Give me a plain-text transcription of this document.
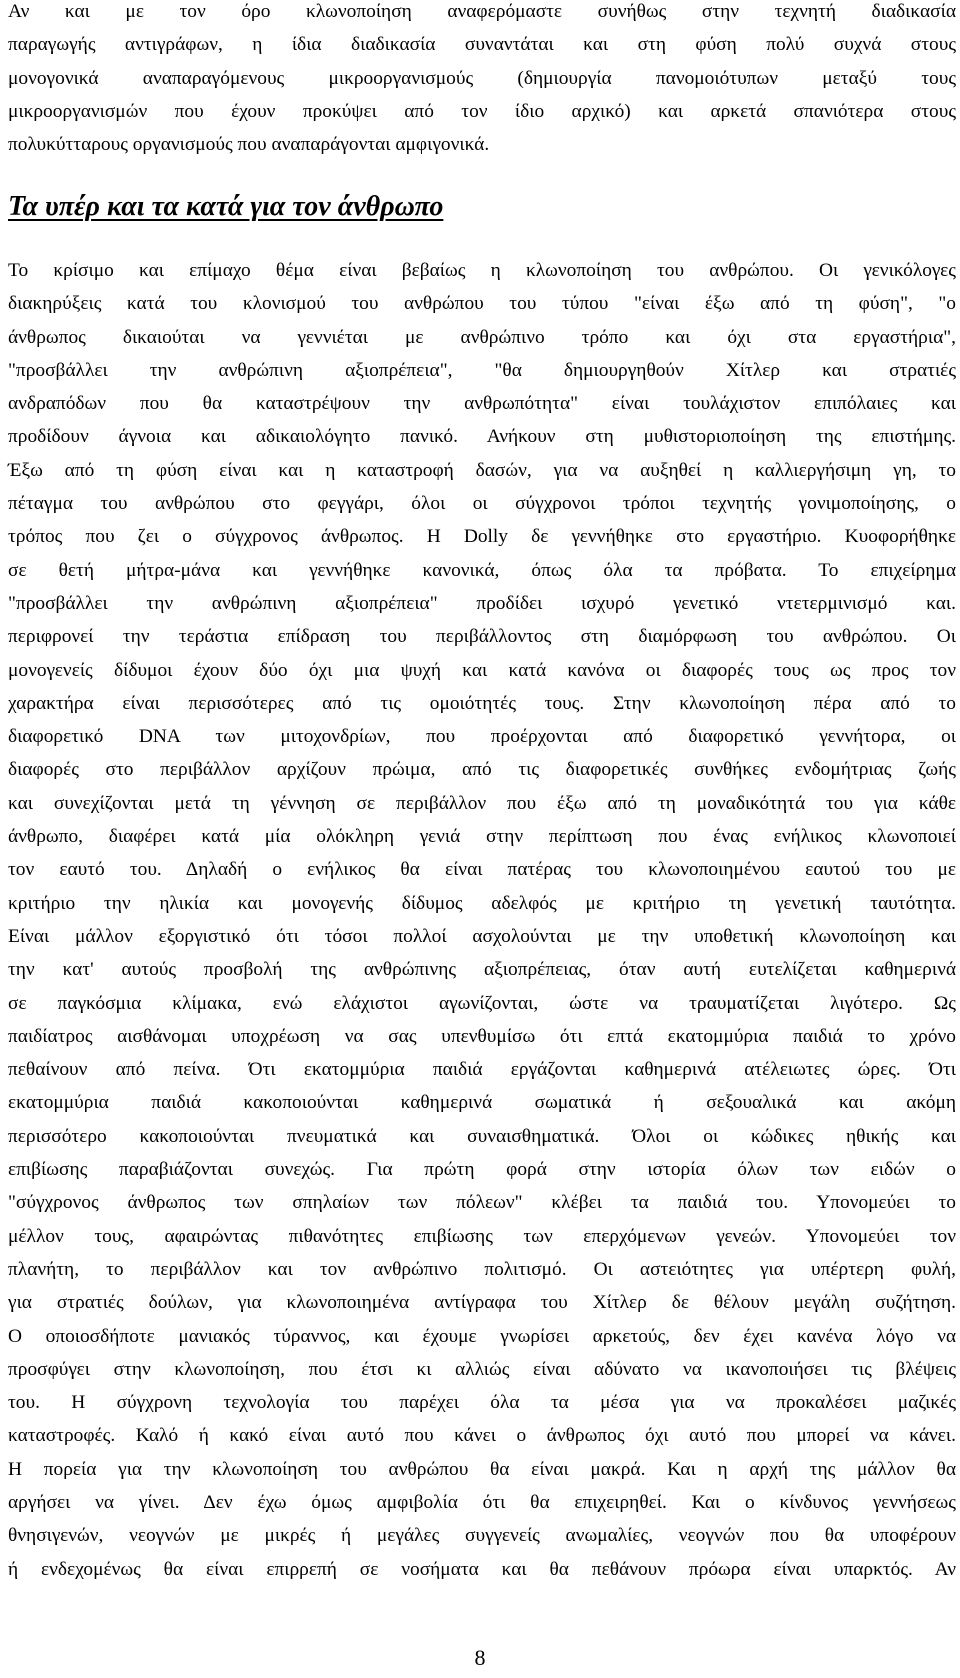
Αν και με τον όρο κλωνοποίηση αναφερόμαστε συνήθως στην τεχνητή διαδικασία
παραγωγής αντιγράφων, η ίδια διαδικασία συναντάται και στη φύση πολύ συχνά στους
μονογονικά αναπαραγόμενους μικροοργανισμούς (δημιουργία πανομοιότυπων μεταξύ τους
μικροοργανισμών που έχουν προκύψει από τον ίδιο αρχικό) και αρκετά σπανιότερα στους
πολυκύτταρους οργανισμούς που αναπαράγονται αμφιγονικά.

Τα υπέρ και τα κατά για τον άνθρωπο

Το κρίσιμο και επίμαχο θέμα είναι βεβαίως η κλωνοποίηση του ανθρώπου. Οι γενικόλογες
διακηρύξεις κατά του κλονισμού του ανθρώπου του τύπου "είναι έξω από τη φύση", "ο
άνθρωπος δικαιούται να γεννιέται με ανθρώπινο τρόπο και όχι στα εργαστήρια",
"προσβάλλει την ανθρώπινη αξιοπρέπεια", "θα δημιουργηθούν Χίτλερ και στρατιές
ανδραπόδων που θα καταστρέψουν την ανθρωπότητα" είναι τουλάχιστον επιπόλαιες και
προδίδουν άγνοια και αδικαιολόγητο πανικό. Ανήκουν στη μυθιστοριοποίηση της επιστήμης.
Έξω από τη φύση είναι και η καταστροφή δασών, για να αυξηθεί η καλλιεργήσιμη γη, το
πέταγμα του ανθρώπου στο φεγγάρι, όλοι οι σύγχρονοι τρόποι τεχνητής γονιμοποίησης, ο
τρόπος που ζει ο σύγχρονος άνθρωπος. Η Dolly δε γεννήθηκε στο εργαστήριο. Κυοφορήθηκε
σε θετή μήτρα-μάνα και γεννήθηκε κανονικά, όπως όλα τα πρόβατα. Το επιχείρημα
"προσβάλλει την ανθρώπινη αξιοπρέπεια" προδίδει ισχυρό γενετικό ντετερμινισμό και.
περιφρονεί την τεράστια επίδραση του περιβάλλοντος στη διαμόρφωση του ανθρώπου. Οι
μονογενείς δίδυμοι έχουν δύο όχι μια ψυχή και κατά κανόνα οι διαφορές τους ως προς τον
χαρακτήρα είναι περισσότερες από τις ομοιότητές τους. Στην κλωνοποίηση πέρα από το
διαφορετικό DNA των μιτοχονδρίων, που προέρχονται από διαφορετικό γεννήτορα, οι
διαφορές στο περιβάλλον αρχίζουν πρώιμα, από τις διαφορετικές συνθήκες ενδομήτριας ζωής
και συνεχίζονται μετά τη γέννηση σε περιβάλλον που έξω από τη μοναδικότητά του για κάθε
άνθρωπο, διαφέρει κατά μία ολόκληρη γενιά στην περίπτωση που ένας ενήλικος κλωνοποιεί
τον εαυτό του. Δηλαδή ο ενήλικος θα είναι πατέρας του κλωνοποιημένου εαυτού του με
κριτήριο την ηλικία και μονογενής δίδυμος αδελφός με κριτήριο τη γενετική ταυτότητα.
Είναι μάλλον εξοργιστικό ότι τόσοι πολλοί ασχολούνται με την υποθετική κλωνοποίηση και
την κατ' αυτούς προσβολή της ανθρώπινης αξιοπρέπειας, όταν αυτή ευτελίζεται καθημερινά
σε παγκόσμια κλίμακα, ενώ ελάχιστοι αγωνίζονται, ώστε να τραυματίζεται λιγότερο. Ως
παιδίατρος αισθάνομαι υποχρέωση να σας υπενθυμίσω ότι επτά εκατομμύρια παιδιά το χρόνο
πεθαίνουν από πείνα. Ότι εκατομμύρια παιδιά εργάζονται καθημερινά ατέλειωτες ώρες. Ότι
εκατομμύρια παιδιά κακοποιούνται καθημερινά σωματικά ή σεξουαλικά και ακόμη
περισσότερο κακοποιούνται πνευματικά και συναισθηματικά. Όλοι οι κώδικες ηθικής και
επιβίωσης παραβιάζονται συνεχώς. Για πρώτη φορά στην ιστορία όλων των ειδών ο
"σύγχρονος άνθρωπος των σπηλαίων των πόλεων" κλέβει τα παιδιά του. Υπονομεύει το
μέλλον τους, αφαιρώντας πιθανότητες επιβίωσης των επερχόμενων γενεών. Υπονομεύει τον
πλανήτη, το περιβάλλον και τον ανθρώπινο πολιτισμό. Οι αστειότητες για υπέρτερη φυλή,
για στρατιές δούλων, για κλωνοποιημένα αντίγραφα του Χίτλερ δε θέλουν μεγάλη συζήτηση.
Ο οποιοσδήποτε μανιακός τύραννος, και έχουμε γνωρίσει αρκετούς, δεν έχει κανένα λόγο να
προσφύγει στην κλωνοποίηση, που έτσι κι αλλιώς είναι αδύνατο να ικανοποιήσει τις βλέψεις
του. Η σύγχρονη τεχνολογία του παρέχει όλα τα μέσα για να προκαλέσει μαζικές
καταστροφές. Καλό ή κακό είναι αυτό που κάνει ο άνθρωπος όχι αυτό που μπορεί να κάνει.
Η πορεία για την κλωνοποίηση του ανθρώπου θα είναι μακρά. Και η αρχή της μάλλον θα
αργήσει να γίνει. Δεν έχω όμως αμφιβολία ότι θα επιχειρηθεί. Και ο κίνδυνος γεννήσεως
θνησιγενών, νεογνών με μικρές ή μεγάλες συγγενείς ανωμαλίες, νεογνών που θα υποφέρουν
ή ενδεχομένως θα είναι επιρρεπή σε νοσήματα και θα πεθάνουν πρόωρα είναι υπαρκτός. Αν

8
